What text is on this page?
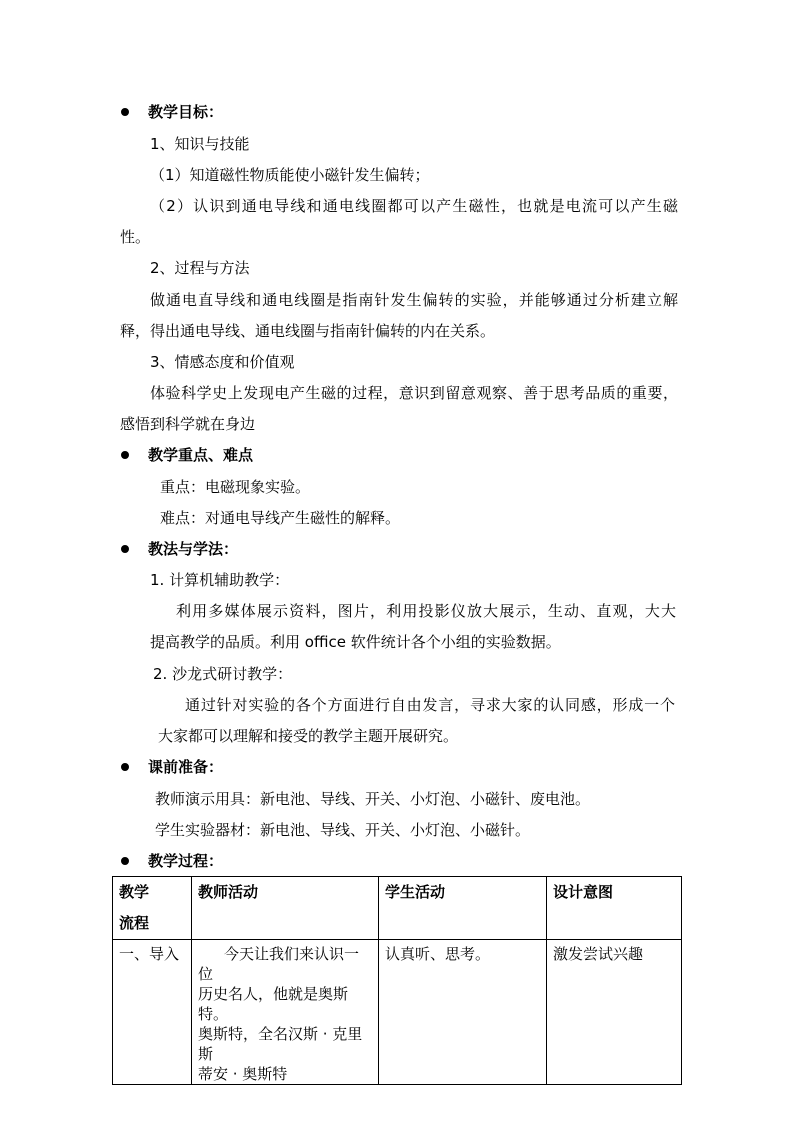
教学目标：
1、知识与技能
（1）知道磁性物质能使小磁针发生偏转；
（2）认识到通电导线和通电线圈都可以产生磁性，也就是电流可以产生磁
性。
2、过程与方法
做通电直导线和通电线圈是指南针发生偏转的实验，并能够通过分析建立解
释，得出通电导线、通电线圈与指南针偏转的内在关系。
3、情感态度和价值观
体验科学史上发现电产生磁的过程，意识到留意观察、善于思考品质的重要，
感悟到科学就在身边
教学重点、难点
重点：电磁现象实验。
难点：对通电导线产生磁性的解释。
教法与学法：
1. 计算机辅助教学：
利用多媒体展示资料，图片，利用投影仪放大展示，生动、直观，大大
提高教学的品质。利用 office 软件统计各个小组的实验数据。
2. 沙龙式研讨教学：
通过针对实验的各个方面进行自由发言，寻求大家的认同感，形成一个
大家都可以理解和接受的教学主题开展研究。
课前准备：
教师演示用具：新电池、导线、开关、小灯泡、小磁针、废电池。
学生实验器材：新电池、导线、开关、小灯泡、小磁针。
教学过程：
教学
流程	教师活动	学生活动	设计意图

一、导入	今天让我们来认识一位
历史名人，他就是奥斯特。
奥斯特，全名汉斯 · 克里斯
蒂安 · 奥斯特	认真听、思考。	激发尝试兴趣
